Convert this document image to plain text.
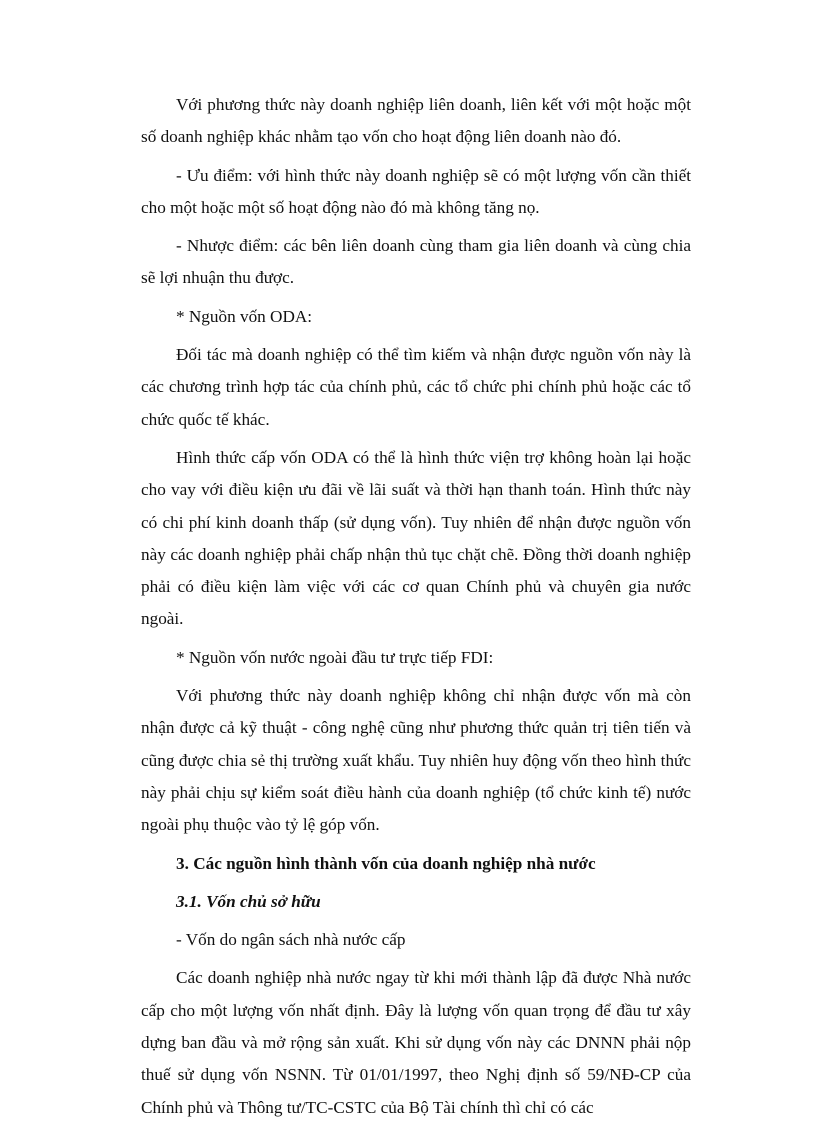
Với phương thức này doanh nghiệp liên doanh, liên kết với một hoặc một số doanh nghiệp khác nhằm tạo vốn cho hoạt động liên doanh nào đó.

- Ưu điểm: với hình thức này doanh nghiệp sẽ có một lượng vốn cần thiết cho một hoặc một số hoạt động nào đó mà không tăng nọ.

- Nhược điểm: các bên liên doanh cùng tham gia liên doanh và cùng chia sẽ lợi nhuận thu được.

* Nguồn vốn ODA:

Đối tác mà doanh nghiệp có thể tìm kiếm và nhận được nguồn vốn này là các chương trình hợp tác của chính phủ, các tổ chức phi chính phủ hoặc các tổ chức quốc tế khác.

Hình thức cấp vốn ODA có thể là hình thức viện trợ không hoàn lại hoặc cho vay với điều kiện ưu đãi về lãi suất và thời hạn thanh toán. Hình thức này có chi phí kinh doanh thấp (sử dụng vốn). Tuy nhiên để nhận được nguồn vốn này các doanh nghiệp phải chấp nhận thủ tục chặt chẽ. Đồng thời doanh nghiệp phải có điều kiện làm việc với các cơ quan Chính phủ và chuyên gia nước ngoài.

* Nguồn vốn nước ngoài đầu tư trực tiếp FDI:

Với phương thức này doanh nghiệp không chỉ nhận được vốn mà còn nhận được cả kỹ thuật - công nghệ cũng như phương thức quản trị tiên tiến và cũng được chia sẻ thị trường xuất khẩu. Tuy nhiên huy động vốn theo hình thức này phải chịu sự kiểm soát điều hành của doanh nghiệp (tổ chức kinh tế) nước ngoài phụ thuộc vào tỷ lệ góp vốn.

3. Các nguồn hình thành vốn của doanh nghiệp nhà nước

3.1. Vốn chủ sở hữu

- Vốn do ngân sách nhà nước cấp

Các doanh nghiệp nhà nước ngay từ khi mới thành lập đã được Nhà nước cấp cho một lượng vốn nhất định. Đây là lượng vốn quan trọng để đầu tư xây dựng ban đầu và mở rộng sản xuất. Khi sử dụng vốn này các DNNN phải nộp thuế sử dụng vốn NSNN. Từ 01/01/1997, theo Nghị định số 59/NĐ-CP của Chính phủ và Thông tư/TC-CSTC của Bộ Tài chính thì chỉ có các
